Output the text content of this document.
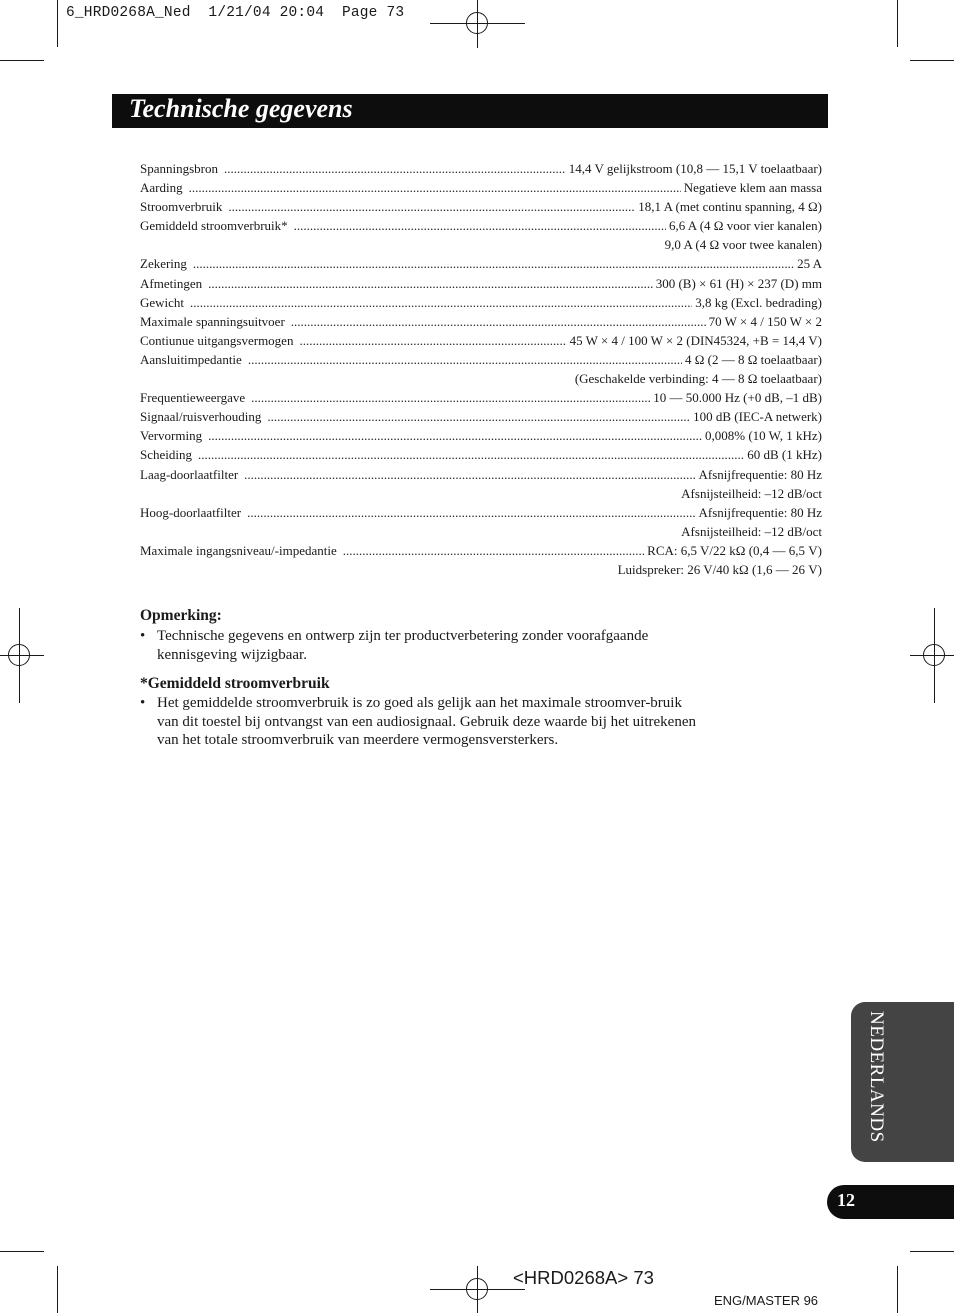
6_HRD0268A_Ned  1/21/04 20:04  Page 73
Technische gegevens
Spanningsbron .....	14,4 V gelijkstroom (10,8 — 15,1 V toelaatbaar)
Aarding .....	Negatieve klem aan massa
Stroomverbruik .....	18,1 A (met continu spanning, 4 Ω)
Gemiddeld stroomverbruik* .....	6,6 A (4 Ω voor vier kanalen)
9,0 A (4 Ω voor twee kanalen)
Zekering .....	25 A
Afmetingen .....	300 (B) × 61 (H) × 237 (D) mm
Gewicht .....	3,8 kg (Excl. bedrading)
Maximale spanningsuitvoer .....	70 W × 4 / 150 W × 2
Contiunue uitgangsvermogen .....	45 W × 4 / 100 W × 2 (DIN45324, +B = 14,4 V)
Aansluitimpedantie .....	4 Ω (2 — 8 Ω toelaatbaar)
(Geschakelde verbinding: 4 — 8 Ω toelaatbaar)
Frequentieweergave .....	10 — 50.000 Hz (+0 dB, –1 dB)
Signaal/ruisverhouding .....	100 dB (IEC-A netwerk)
Vervorming .....	0,008% (10 W, 1 kHz)
Scheiding .....	60 dB (1 kHz)
Laag-doorlaatfilter .....	Afsnijfrequentie: 80 Hz
Afsnijsteilheid: –12 dB/oct
Hoog-doorlaatfilter .....	Afsnijfrequentie: 80 Hz
Afsnijsteilheid: –12 dB/oct
Maximale ingangsniveau/-impedantie .....	RCA: 6,5 V/22 kΩ (0,4 — 6,5 V)
Luidspreker: 26 V/40 kΩ (1,6 — 26 V)
Opmerking:
• Technische gegevens en ontwerp zijn ter productverbetering zonder voorafgaande kennisgeving wijzigbaar.
*Gemiddeld stroomverbruik
• Het gemiddelde stroomverbruik is zo goed als gelijk aan het maximale stroomver-bruik van dit toestel bij ontvangst van een audiosignaal. Gebruik deze waarde bij het uitrekenen van het totale stroomverbruik van meerdere vermogensversterkers.
NEDERLANDS
12
<HRD0268A> 73
ENG/MASTER 96
